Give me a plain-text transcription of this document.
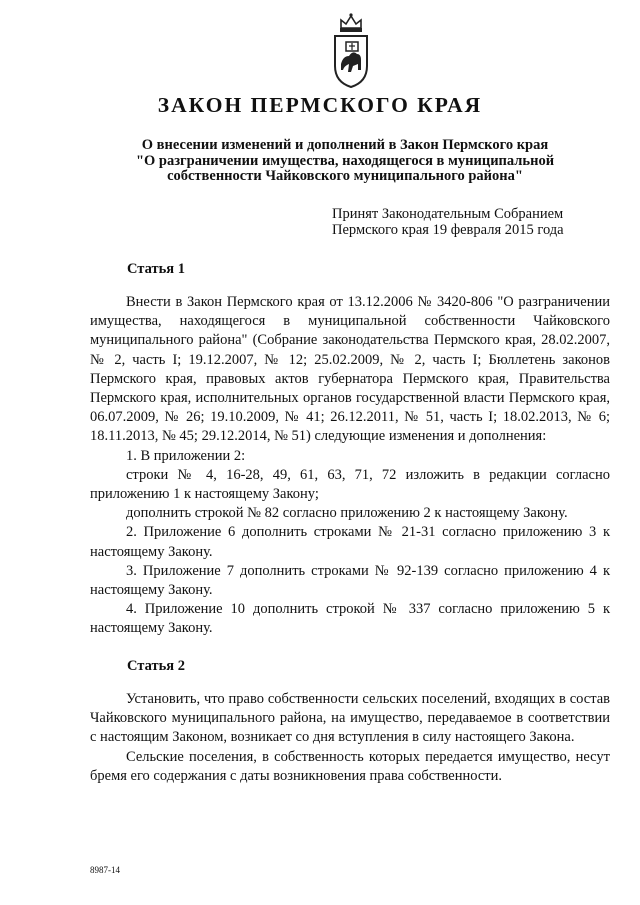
ЗАКОН ПЕРМСКОГО КРАЯ
О внесении изменений и дополнений в Закон Пермского края
"О разграничении имущества, находящегося в муниципальной
собственности Чайковского муниципального района"
Принят Законодательным Собранием
Пермского края 19 февраля 2015 года
Статья 1

Внести в Закон Пермского края от 13.12.2006 № 3420-806 "О разграничении имущества, находящегося в муниципальной собственности Чайковского муниципального района" (Собрание законодательства Пермского края, 28.02.2007, № 2, часть I; 19.12.2007, № 12; 25.02.2009, № 2, часть I; Бюллетень законов Пермского края, правовых актов губернатора Пермского края, Правительства Пермского края, исполнительных органов государственной власти Пермского края, 06.07.2009, № 26; 19.10.2009, № 41; 26.12.2011, № 51, часть I; 18.02.2013, № 6; 18.11.2013, № 45; 29.12.2014, № 51) следующие изменения и дополнения:

1. В приложении 2:

строки № 4, 16-28, 49, 61, 63, 71, 72 изложить в редакции согласно приложению 1 к настоящему Закону;

дополнить строкой № 82 согласно приложению 2 к настоящему Закону.

2. Приложение 6 дополнить строками № 21-31 согласно приложению 3 к настоящему Закону.

3. Приложение 7 дополнить строками № 92-139 согласно приложению 4 к настоящему Закону.

4. Приложение 10 дополнить строкой № 337 согласно приложению 5 к настоящему Закону.

Статья 2

Установить, что право собственности сельских поселений, входящих в состав Чайковского муниципального района, на имущество, передаваемое в соответствии с настоящим Законом, возникает со дня вступления в силу настоящего Закона.

Сельские поселения, в собственность которых передается имущество, несут бремя его содержания с даты возникновения права собственности.

8987-14
